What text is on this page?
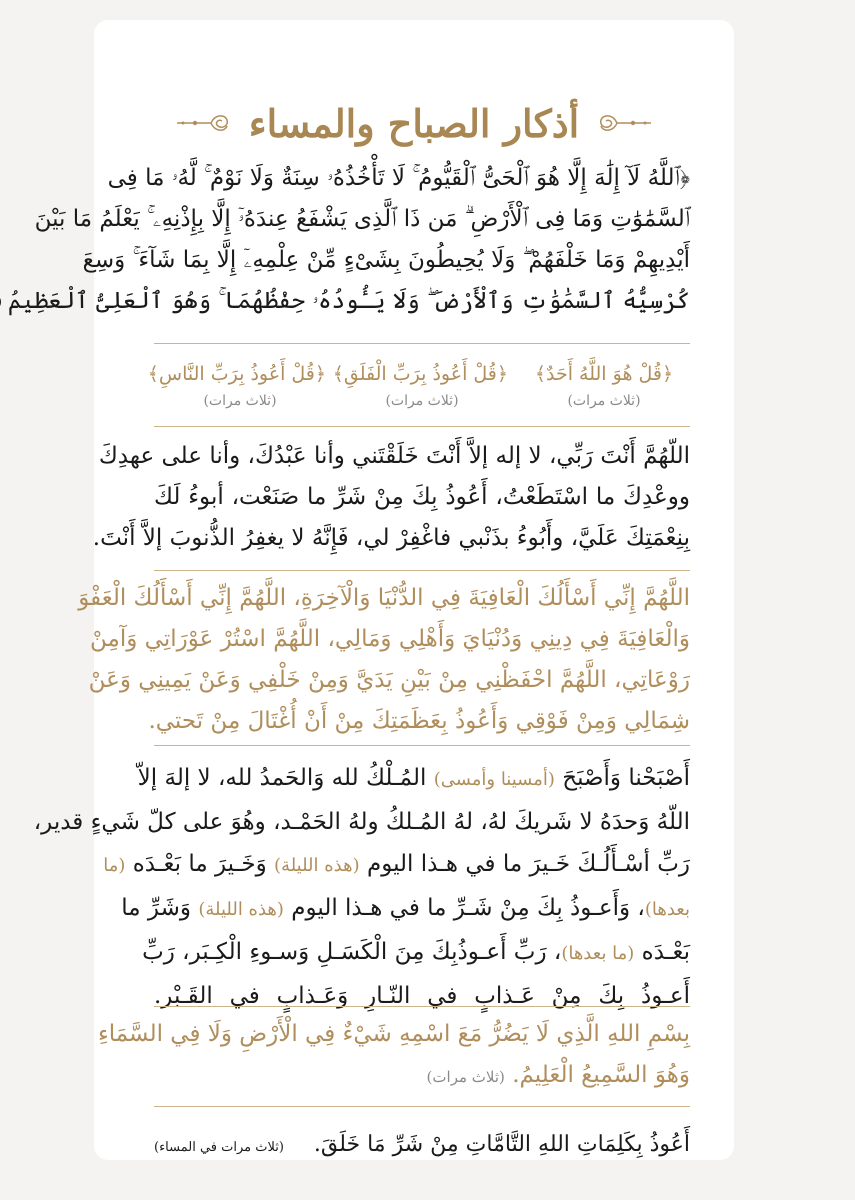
أذكار الصباح والمساء
﴿ٱللَّهُ لَآ إِلَٰهَ إِلَّا هُوَ ٱلْحَىُّ ٱلْقَيُّومُ ۚ لَا تَأْخُذُهُۥ سِنَةٌ وَلَا نَوْمٌ ۚ لَّهُۥ مَا فِى
ٱلسَّمَٰوَٰتِ وَمَا فِى ٱلْأَرْضِ ۗ مَن ذَا ٱلَّذِى يَشْفَعُ عِندَهُۥٓ إِلَّا بِإِذْنِهِۦ ۚ يَعْلَمُ مَا بَيْنَ
أَيْدِيهِمْ وَمَا خَلْفَهُمْ ۖ وَلَا يُحِيطُونَ بِشَىْءٍ مِّنْ عِلْمِهِۦٓ إِلَّا بِمَا شَآءَ ۚ وَسِعَ
كُرْسِيُّهُ ٱلسَّمَٰوَٰتِ وَٱلْأَرْضَ ۖ وَلَا يَـُٔودُهُۥ حِفْظُهُمَا ۚ وَهُوَ ٱلْعَلِىُّ ٱلْعَظِيمُ
﴿قُلْ هُوَ اللَّهُ أَحَدٌ﴾
(ثلاث مرات)
﴿قُلْ أَعُوذُ بِرَبِّ الْفَلَقِ﴾
(ثلاث مرات)
﴿قُلْ أَعُوذُ بِرَبِّ النَّاسِ﴾
(ثلاث مرات)
اللّهُمَّ أَنْتَ رَبِّي، لا إله إلاَّ أَنْتَ خَلَقْتَني وأنا عَبْدُكَ، وأنا على عهدِكَ
ووعْدِكَ ما اسْتَطَعْتُ، أَعُوذُ بِكَ مِنْ شَرِّ ما صَنَعْت، أبوءُ لَكَ
بِنِعْمَتِكَ عَلَيَّ، وأَبُوءُ بذَنْبي فاغْفِرْ لي، فَإِنَّهُ لا يغفِرُ الذُّنوبَ إلاَّ أَنْتَ.
اللَّهُمَّ إِنِّي أَسْأَلُكَ الْعَافِيَةَ فِي الدُّنْيَا وَالْآخِرَةِ، اللَّهُمَّ إِنِّي أَسْأَلُكَ الْعَفْوَ
وَالْعَافِيَةَ فِي دِينِي وَدُنْيَايَ وَأَهْلِي وَمَالِي، اللَّهُمَّ اسْتُرْ عَوْرَاتِي وَآمِنْ
رَوْعَاتِي، اللَّهُمَّ احْفَظْنِي مِنْ بَيْنِ يَدَيَّ وَمِنْ خَلْفِي وَعَنْ يَمِينِي وَعَنْ
شِمَالِي وَمِنْ فَوْقِي وَأَعُوذُ بِعَظَمَتِكَ مِنْ أَنْ أُغْتَالَ مِنْ تَحتي.
أَصْبَحْنا وَأَصْبَحَ (أمسينا وأمسى) المُـلْكُ لله وَالحَمدُ لله، لا إلهَ إلاّ
اللّهُ وَحدَهُ لا شَريكَ لهُ، لهُ المُـلكُ ولهُ الحَمْـد، وهُوَ على كلّ شَيءٍ قدير،
رَبِّ أسْـأَلُـكَ خَـيرَ ما في هـذا اليوم (هذه الليلة) وَخَـيرَ ما بَعْـدَه (ما
بعدها)، وَأَعـوذُ بِكَ مِنْ شَـرِّ ما في هـذا اليوم (هذه الليلة) وَشَرِّ ما
بَعْـدَه (ما بعدها)، رَبِّ أَعـوذُبِكَ مِنَ الْكَسَـلِ وَسـوءِ الْكِـبَر، رَبِّ
أَعـوذُ بِكَ مِنْ عَـذابٍ في النّـارِ وَعَـذابٍ في القَـبْر.
بِسْمِ اللهِ الَّذِي لَا يَضُرُّ مَعَ اسْمِهِ شَيْءٌ فِي الْأَرْضِ وَلَا فِي السَّمَاءِ
وَهُوَ السَّمِيعُ الْعَلِيمُ. (ثلاث مرات)
أَعُوذُ بِكَلِمَاتِ اللهِ التَّامَّاتِ مِنْ شَرِّ مَا خَلَقَ.
(ثلاث مرات في المساء)
